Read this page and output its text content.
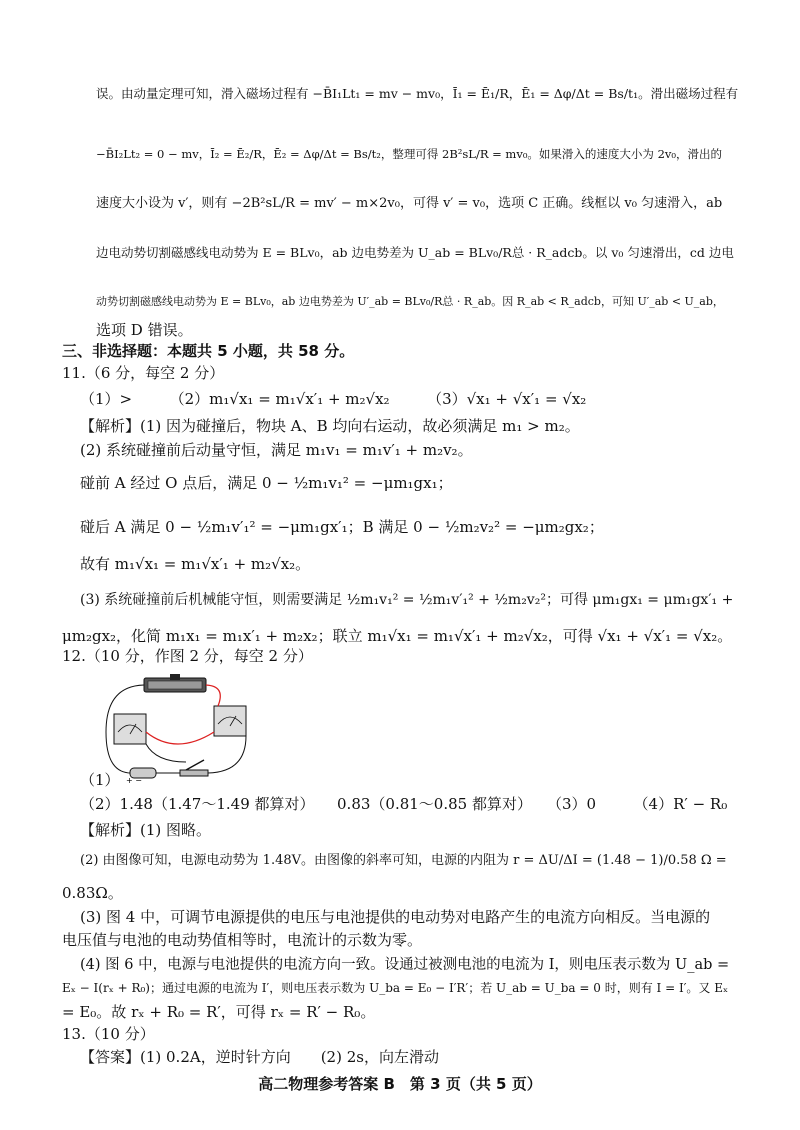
误。由动量定理可知，滑入磁场过程有 −B̄I₁Lt₁ = mv − mv₀，Ī₁ = Ē₁/R，Ē₁ = Δφ/Δt = Bs/t₁。滑出磁场过程有
−B̄I₂Lt₂ = 0 − mv，Ī₂ = Ē₂/R，Ē₂ = Δφ/Δt = Bs/t₂，整理可得 2B²sL/R = mv₀。如果滑入的速度大小为 2v₀，滑出的
速度大小设为 v′，则有 −2B²sL/R = mv′ − m×2v₀，可得 v′ = v₀，选项 C 正确。线框以 v₀ 匀速滑入，ab
边电动势切割磁感线电动势为 E = BLv₀，ab 边电势差为 U_ab = BLv₀/R总 · R_adcb。以 v₀ 匀速滑出，cd 边电
动势切割磁感线电动势为 E = BLv₀，ab 边电势差为 U′_ab = BLv₀/R总 · R_ab。因 R_ab < R_adcb，可知 U′_ab < U_ab，
选项 D 错误。
三、非选择题：本题共 5 小题，共 58 分。
11.（6 分，每空 2 分）
（1）>　　　（2）m₁√x₁ = m₁√x′₁ + m₂√x₂　　　（3）√x₁ + √x′₁ = √x₂
【解析】(1) 因为碰撞后，物块 A、B 均向右运动，故必须满足 m₁ > m₂。
(2) 系统碰撞前后动量守恒，满足 m₁v₁ = m₁v′₁ + m₂v₂。
碰前 A 经过 O 点后，满足 0 − ½m₁v₁² = −μm₁gx₁；
碰后 A 满足 0 − ½m₁v′₁² = −μm₁gx′₁；B 满足 0 − ½m₂v₂² = −μm₂gx₂；
故有 m₁√x₁ = m₁√x′₁ + m₂√x₂。
(3) 系统碰撞前后机械能守恒，则需要满足 ½m₁v₁² = ½m₁v′₁² + ½m₂v₂²；可得 μm₁gx₁ = μm₁gx′₁ +
μm₂gx₂，化简 m₁x₁ = m₁x′₁ + m₂x₂；联立 m₁√x₁ = m₁√x′₁ + m₂√x₂，可得 √x₁ + √x′₁ = √x₂。
12.（10 分，作图 2 分，每空 2 分）
+ −
（1）
（2）1.48（1.47～1.49 都算对）　　0.83（0.81～0.85 都算对）　　（3）0　　　（4）R′ − R₀
【解析】(1) 图略。
(2) 由图像可知，电源电动势为 1.48V。由图像的斜率可知，电源的内阻为 r = ΔU/ΔI = (1.48 − 1)/0.58 Ω =
0.83Ω。
(3) 图 4 中，可调节电源提供的电压与电池提供的电动势对电路产生的电流方向相反。当电源的
电压值与电池的电动势值相等时，电流计的示数为零。
(4) 图 6 中，电源与电池提供的电流方向一致。设通过被测电池的电流为 I，则电压表示数为 U_ab =
Eₓ − I(rₓ + R₀)；通过电源的电流为 I′，则电压表示数为 U_ba = E₀ − I′R′；若 U_ab = U_ba = 0 时，则有 I = I′。又 Eₓ
= E₀。故 rₓ + R₀ = R′，可得 rₓ = R′ − R₀。
13.（10 分）
【答案】(1) 0.2A，逆时针方向　　(2) 2s，向左滑动
高二物理参考答案 B　第 3 页（共 5 页）
